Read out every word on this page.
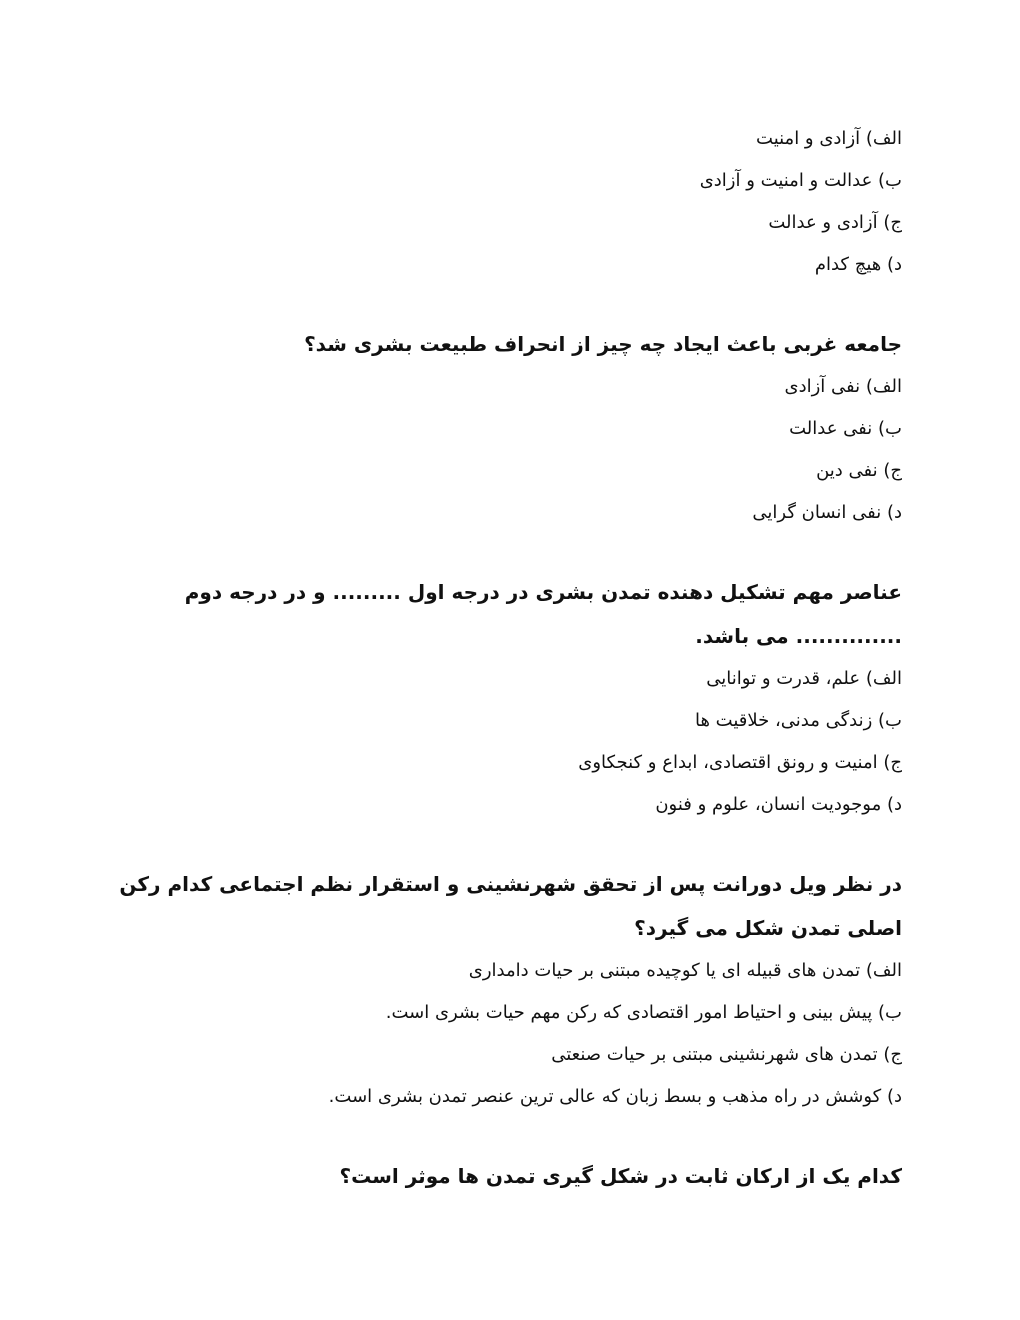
الف) آزادی و امنیت
ب) عدالت و امنیت و آزادی
ج) آزادی و عدالت
د) هیچ کدام

جامعه غربی باعث ایجاد چه چیز از انحراف طبیعت بشری شد؟

الف) نفی آزادی
ب) نفی عدالت
ج) نفی دین
د) نفی انسان گرایی

عناصر مهم تشکیل دهنده تمدن بشری در درجه اول ......... و در درجه دوم .............. می باشد.

الف) علم، قدرت و توانایی
ب) زندگی مدنی، خلاقیت ها
ج) امنیت و رونق اقتصادی، ابداع و کنجکاوی
د) موجودیت انسان، علوم و فنون

در نظر ویل دورانت پس از تحقق شهرنشینی و استقرار نظم اجتماعی کدام رکن اصلی تمدن شکل می گیرد؟

الف) تمدن های قبیله ای یا کوچیده مبتنی بر حیات دامداری
ب) پیش بینی و احتیاط امور اقتصادی که رکن مهم حیات بشری است.
ج) تمدن های شهرنشینی مبتنی بر حیات صنعتی
د) کوشش در راه مذهب و بسط زبان که عالی ترین عنصر تمدن بشری است.

کدام یک از ارکان ثابت در شکل گیری تمدن ها موثر است؟
